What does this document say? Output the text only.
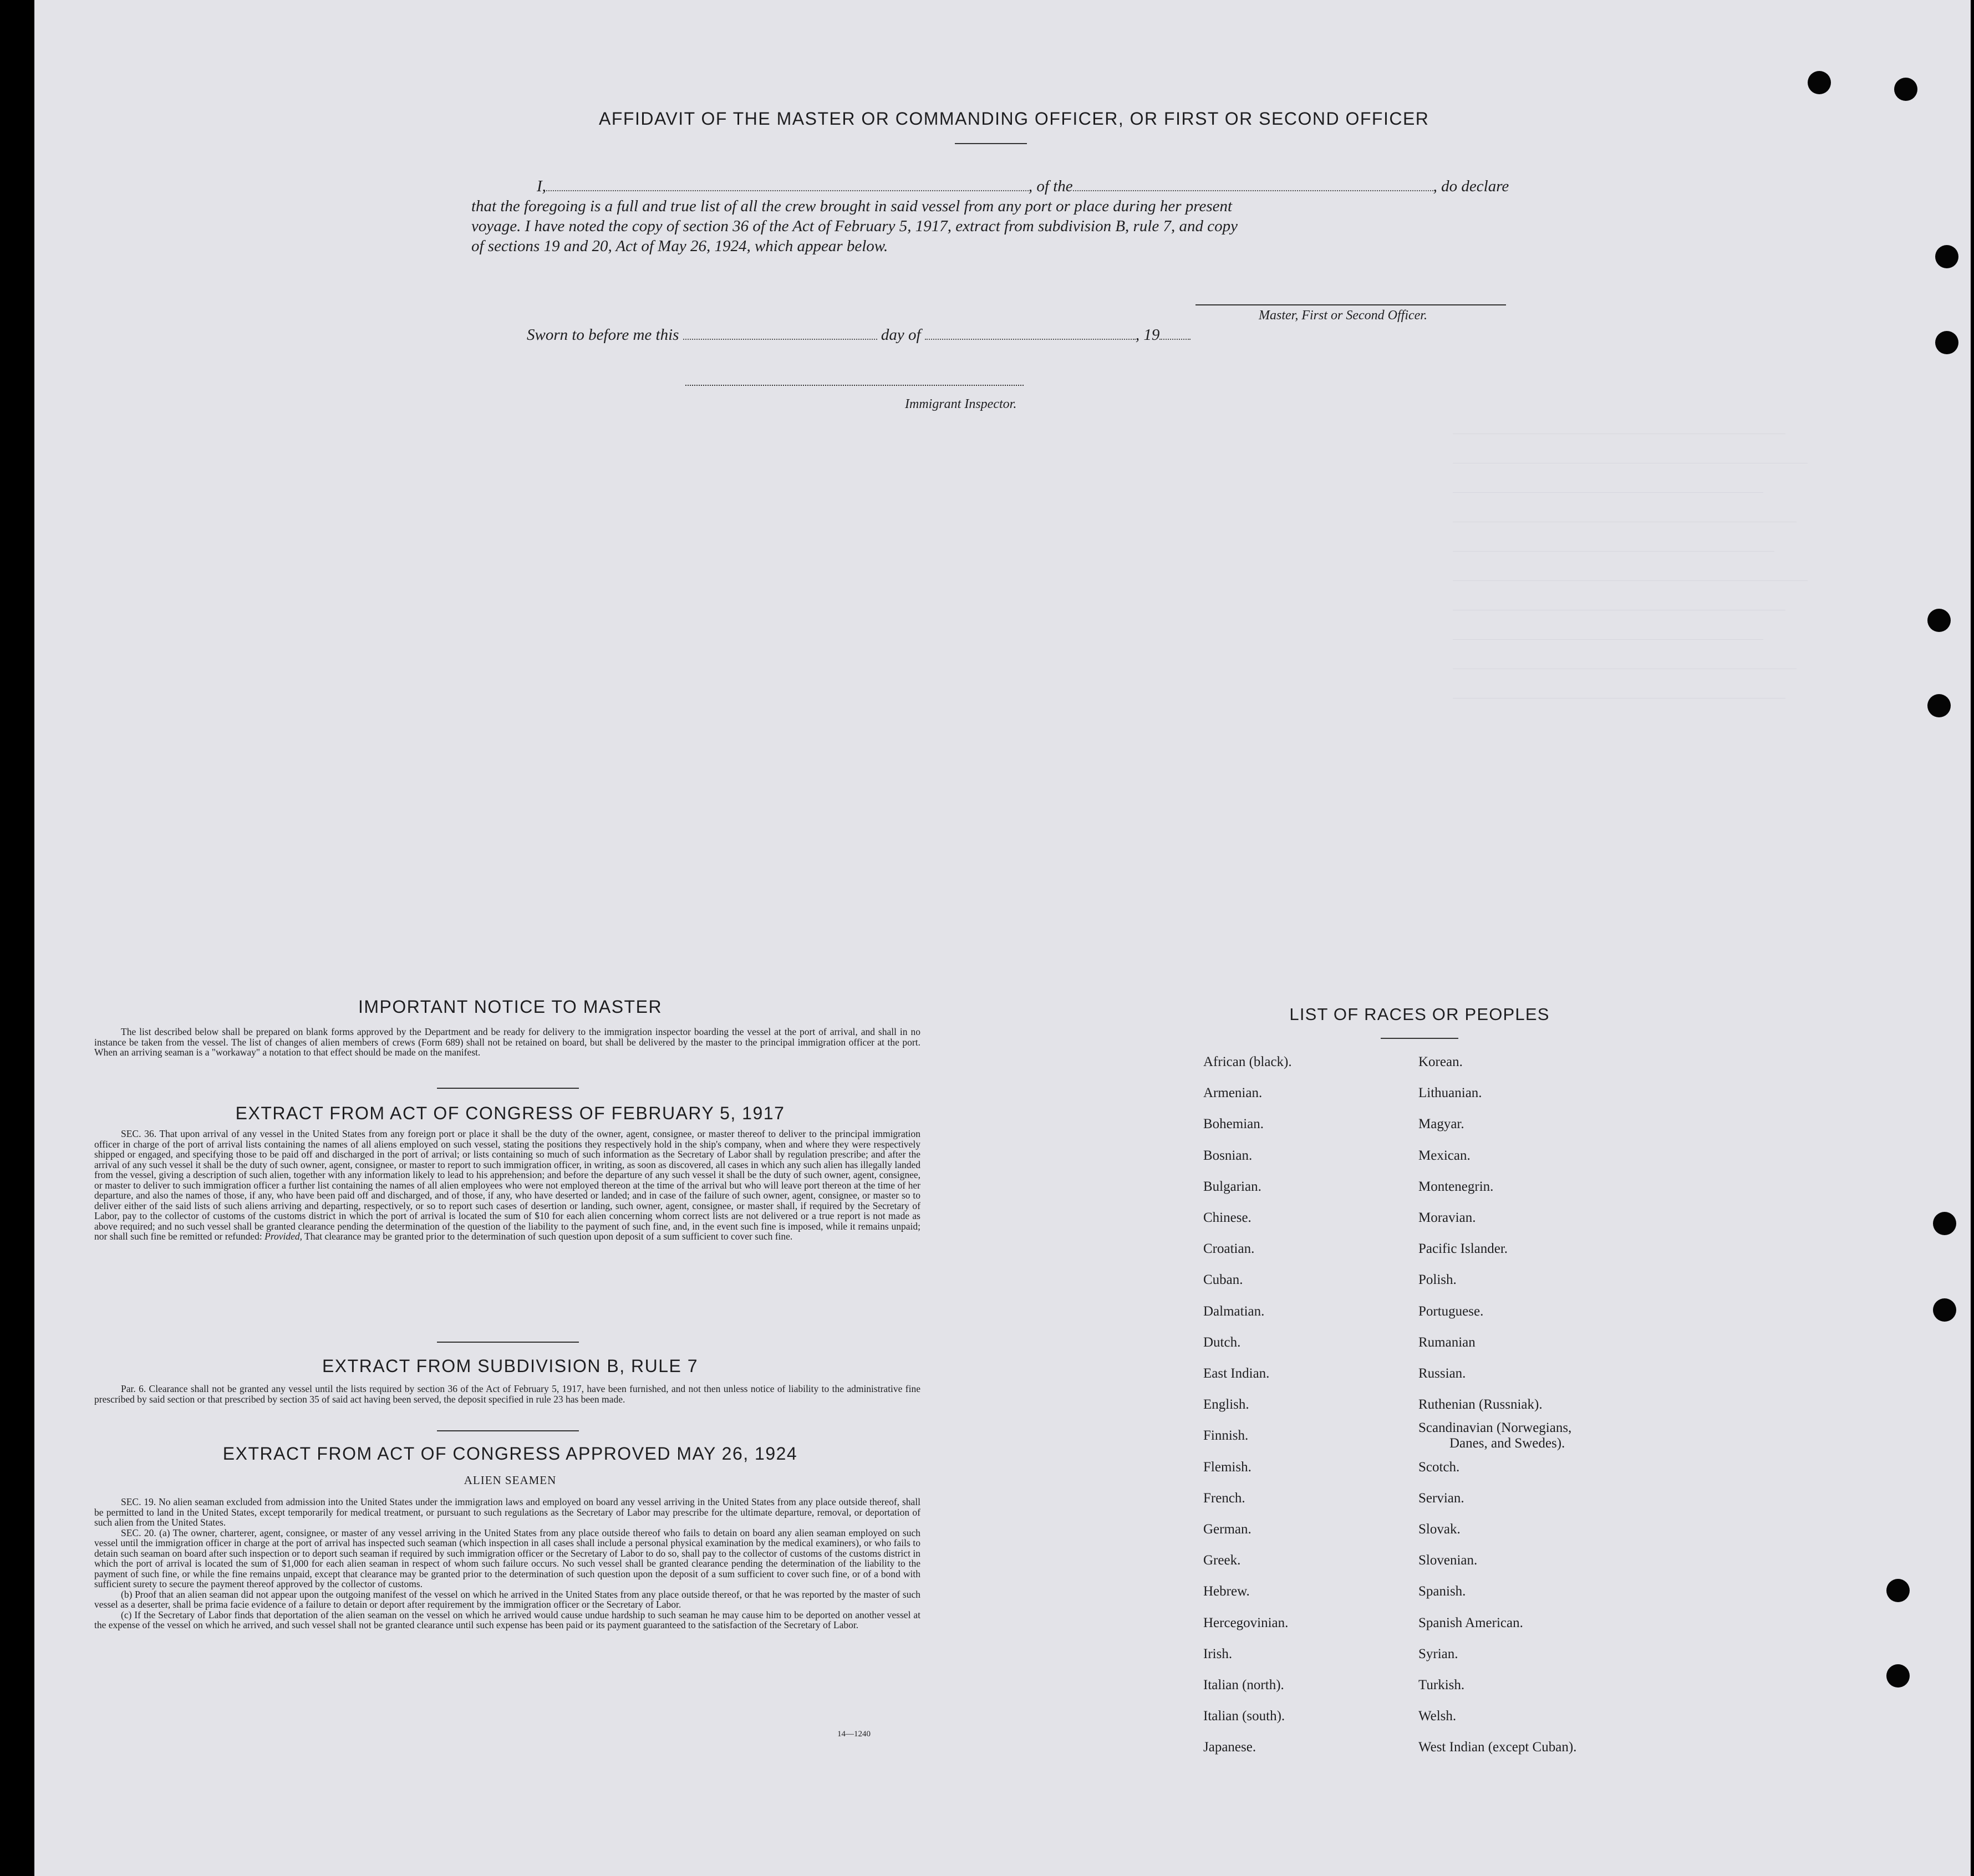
AFFIDAVIT OF THE MASTER OR COMMANDING OFFICER, OR FIRST OR SECOND OFFICER

I,	, of the	, do declare

that the foregoing is a full and true list of all the crew brought in said vessel from any port or place during her present

voyage. I have noted the copy of section 36 of the Act of February 5, 1917, extract from subdivision B, rule 7, and copy

of sections 19 and 20, Act of May 26, 1924, which appear below.

Master, First or Second Officer.
Sworn to before me this	day of	, 19
Immigrant Inspector.
IMPORTANT NOTICE TO MASTER
The list described below shall be prepared on blank forms approved by the Department and be ready for delivery to the immigration inspector boarding the vessel at the port of arrival, and shall in no instance be taken from the vessel. The list of changes of alien members of crews (Form 689) shall not be retained on board, but shall be delivered by the master to the principal immigration officer at the port. When an arriving seaman is a "workaway" a notation to that effect should be made on the manifest.
EXTRACT FROM ACT OF CONGRESS OF FEBRUARY 5, 1917
SEC. 36. That upon arrival of any vessel in the United States from any foreign port or place it shall be the duty of the owner, agent, consignee, or master thereof to deliver to the principal immigration officer in charge of the port of arrival lists containing the names of all aliens employed on such vessel, stating the positions they respectively hold in the ship's company, when and where they were respectively shipped or engaged, and specifying those to be paid off and discharged in the port of arrival; or lists containing so much of such information as the Secretary of Labor shall by regulation prescribe; and after the arrival of any such vessel it shall be the duty of such owner, agent, consignee, or master to report to such immigration officer, in writing, as soon as discovered, all cases in which any such alien has illegally landed from the vessel, giving a description of such alien, together with any information likely to lead to his apprehension; and before the departure of any such vessel it shall be the duty of such owner, agent, consignee, or master to deliver to such immigration officer a further list containing the names of all alien employees who were not employed thereon at the time of the arrival but who will leave port thereon at the time of her departure, and also the names of those, if any, who have been paid off and discharged, and of those, if any, who have deserted or landed; and in case of the failure of such owner, agent, consignee, or master so to deliver either of the said lists of such aliens arriving and departing, respectively, or so to report such cases of desertion or landing, such owner, agent, consignee, or master shall, if required by the Secretary of Labor, pay to the collector of customs of the customs district in which the port of arrival is located the sum of $10 for each alien concerning whom correct lists are not delivered or a true report is not made as above required; and no such vessel shall be granted clearance pending the determination of the question of the liability to the payment of such fine, and, in the event such fine is imposed, while it remains unpaid; nor shall such fine be remitted or refunded: Provided, That clearance may be granted prior to the determination of such question upon deposit of a sum sufficient to cover such fine.
EXTRACT FROM SUBDIVISION B, RULE 7
Par. 6. Clearance shall not be granted any vessel until the lists required by section 36 of the Act of February 5, 1917, have been furnished, and not then unless notice of liability to the administrative fine prescribed by said section or that prescribed by section 35 of said act having been served, the deposit specified in rule 23 has been made.
EXTRACT FROM ACT OF CONGRESS APPROVED MAY 26, 1924
ALIEN SEAMEN
SEC. 19. No alien seaman excluded from admission into the United States under the immigration laws and employed on board any vessel arriving in the United States from any place outside thereof, shall be permitted to land in the United States, except temporarily for medical treatment, or pursuant to such regulations as the Secretary of Labor may prescribe for the ultimate departure, removal, or deportation of such alien from the United States.
SEC. 20. (a) The owner, charterer, agent, consignee, or master of any vessel arriving in the United States from any place outside thereof who fails to detain on board any alien seaman employed on such vessel until the immigration officer in charge at the port of arrival has inspected such seaman (which inspection in all cases shall include a personal physical examination by the medical examiners), or who fails to detain such seaman on board after such inspection or to deport such seaman if required by such immigration officer or the Secretary of Labor to do so, shall pay to the collector of customs of the customs district in which the port of arrival is located the sum of $1,000 for each alien seaman in respect of whom such failure occurs. No such vessel shall be granted clearance pending the determination of the liability to the payment of such fine, or while the fine remains unpaid, except that clearance may be granted prior to the determination of such question upon the deposit of a sum sufficient to cover such fine, or of a bond with sufficient surety to secure the payment thereof approved by the collector of customs.
(b) Proof that an alien seaman did not appear upon the outgoing manifest of the vessel on which he arrived in the United States from any place outside thereof, or that he was reported by the master of such vessel as a deserter, shall be prima facie evidence of a failure to detain or deport after requirement by the immigration officer or the Secretary of Labor.
(c) If the Secretary of Labor finds that deportation of the alien seaman on the vessel on which he arrived would cause undue hardship to such seaman he may cause him to be deported on another vessel at the expense of the vessel on which he arrived, and such vessel shall not be granted clearance until such expense has been paid or its payment guaranteed to the satisfaction of the Secretary of Labor.
14—1240
LIST OF RACES OR PEOPLES
African (black).
Armenian.
Bohemian.
Bosnian.
Bulgarian.
Chinese.
Croatian.
Cuban.
Dalmatian.
Dutch.
East Indian.
English.
Finnish.
Flemish.
French.
German.
Greek.
Hebrew.
Hercegovinian.
Irish.
Italian (north).
Italian (south).
Japanese.
Korean.
Lithuanian.
Magyar.
Mexican.
Montenegrin.
Moravian.
Pacific Islander.
Polish.
Portuguese.
Rumanian
Russian.
Ruthenian (Russniak).
Scandinavian (Norwegians,
Scotch.
Servian.
Slovak.
Slovenian.
Spanish.
Spanish American.
Syrian.
Turkish.
Welsh.
West Indian (except Cuban).
Danes, and Swedes).
